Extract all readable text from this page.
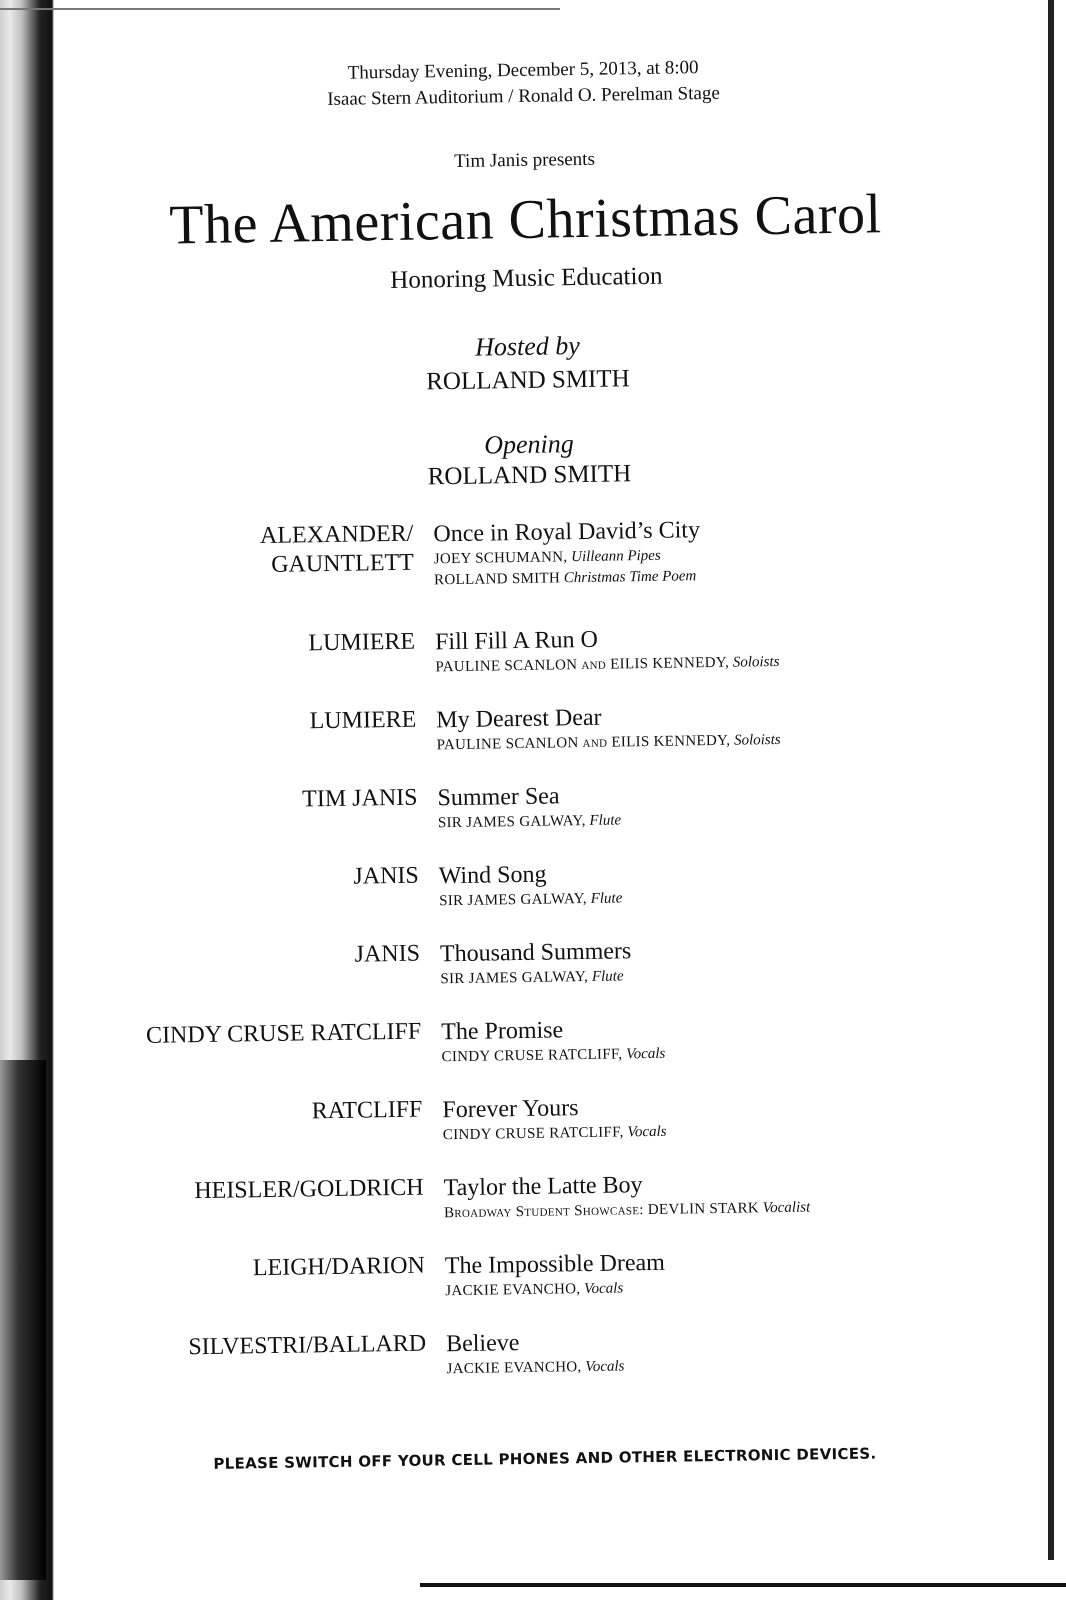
Thursday Evening, December 5, 2013, at 8:00
Isaac Stern Auditorium / Ronald O. Perelman Stage
Tim Janis presents
The American Christmas Carol
Honoring Music Education
Hosted by
ROLLAND SMITH
Opening
ROLLAND SMITH
ALEXANDER/
GAUNTLETT
Once in Royal David’s City
JOEY SCHUMANN, Uilleann Pipes
ROLLAND SMITH Christmas Time Poem
LUMIERE Fill Fill A Run O
PAULINE SCANLON and EILIS KENNEDY, Soloists
LUMIERE My Dearest Dear
PAULINE SCANLON and EILIS KENNEDY, Soloists
TIM JANIS Summer Sea
SIR JAMES GALWAY, Flute
JANIS Wind Song
SIR JAMES GALWAY, Flute
JANIS Thousand Summers
SIR JAMES GALWAY, Flute
CINDY CRUSE RATCLIFF The Promise
CINDY CRUSE RATCLIFF, Vocals
RATCLIFF Forever Yours
CINDY CRUSE RATCLIFF, Vocals
HEISLER/GOLDRICH Taylor the Latte Boy
Broadway Student Showcase: DEVLIN STARK Vocalist
LEIGH/DARION The Impossible Dream
JACKIE EVANCHO, Vocals
SILVESTRI/BALLARD Believe
JACKIE EVANCHO, Vocals
PLEASE SWITCH OFF YOUR CELL PHONES AND OTHER ELECTRONIC DEVICES.
